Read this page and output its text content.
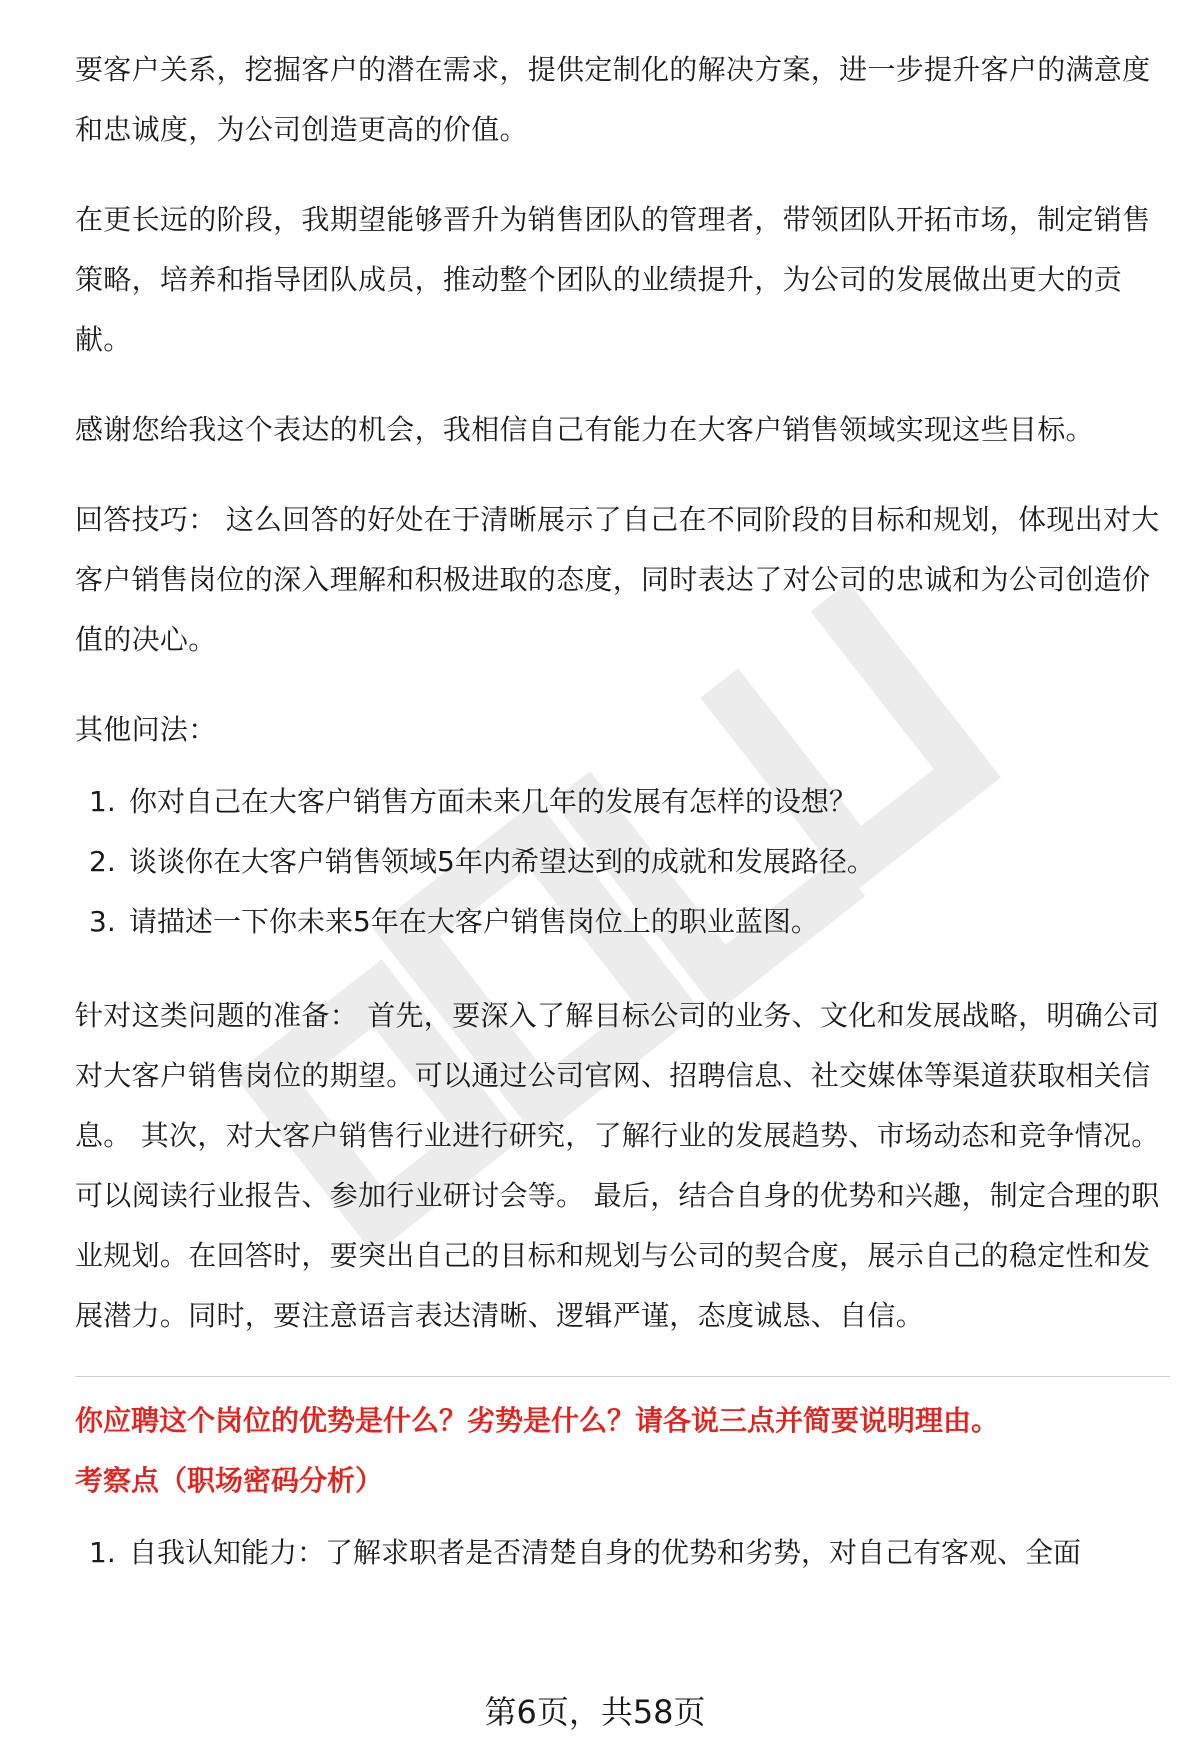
要客户关系，挖掘客户的潜在需求，提供定制化的解决方案，进一步提升客户的满意度和忠诚度，为公司创造更高的价值。

在更长远的阶段，我期望能够晋升为销售团队的管理者，带领团队开拓市场，制定销售策略，培养和指导团队成员，推动整个团队的业绩提升，为公司的发展做出更大的贡献。

感谢您给我这个表达的机会，我相信自己有能力在大客户销售领域实现这些目标。

回答技巧： 这么回答的好处在于清晰展示了自己在不同阶段的目标和规划，体现出对大客户销售岗位的深入理解和积极进取的态度，同时表达了对公司的忠诚和为公司创造价值的决心。

其他问法：

1. 你对自己在大客户销售方面未来几年的发展有怎样的设想？
2. 谈谈你在大客户销售领域5年内希望达到的成就和发展路径。
3. 请描述一下你未来5年在大客户销售岗位上的职业蓝图。

针对这类问题的准备： 首先，要深入了解目标公司的业务、文化和发展战略，明确公司对大客户销售岗位的期望。可以通过公司官网、招聘信息、社交媒体等渠道获取相关信息。 其次，对大客户销售行业进行研究，了解行业的发展趋势、市场动态和竞争情况。可以阅读行业报告、参加行业研讨会等。 最后，结合自身的优势和兴趣，制定合理的职业规划。在回答时，要突出自己的目标和规划与公司的契合度，展示自己的稳定性和发展潜力。同时，要注意语言表达清晰、逻辑严谨，态度诚恳、自信。

你应聘这个岗位的优势是什么？劣势是什么？请各说三点并简要说明理由。

考察点（职场密码分析）

1. 自我认知能力：了解求职者是否清楚自身的优势和劣势，对自己有客观、全面
第6页，共58页
